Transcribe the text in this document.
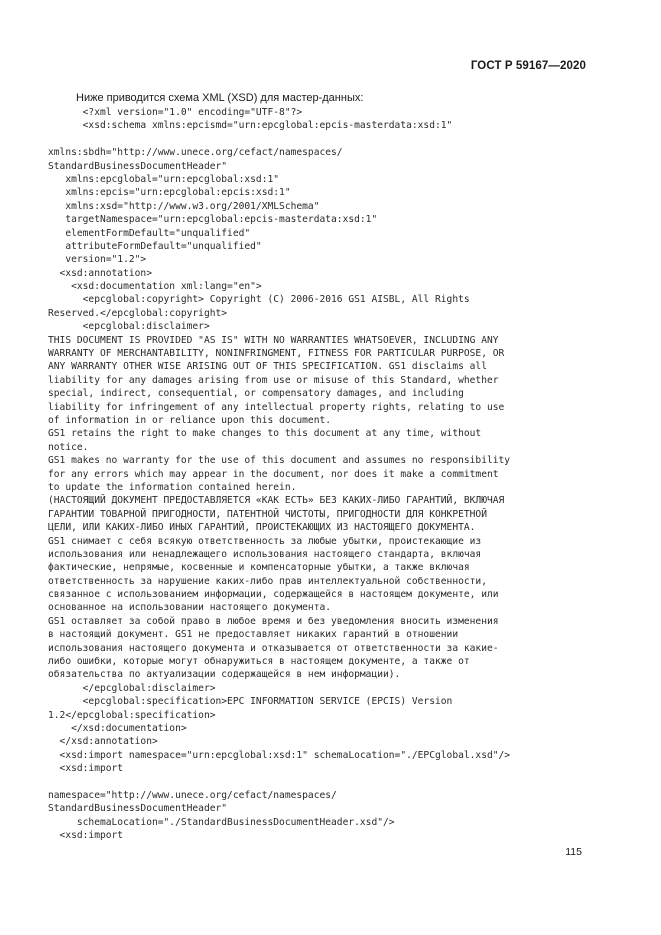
ГОСТ Р 59167—2020
Ниже приводится схема XML (XSD) для мастер-данных:
<?xml version="1.0" encoding="UTF-8"?>
<xsd:schema xmlns:epcismd="urn:epcglobal:epcis-masterdata:xsd:1"
xmlns:sbdh="http://www.unece.org/cefact/namespaces/
StandardBusinessDocumentHeader"
xmlns:epcglobal="urn:epcglobal:xsd:1"
xmlns:epcis="urn:epcglobal:epcis:xsd:1"
xmlns:xsd="http://www.w3.org/2001/XMLSchema"
targetNamespace="urn:epcglobal:epcis-masterdata:xsd:1"
elementFormDefault="unqualified"
attributeFormDefault="unqualified"
version="1.2">
<xsd:annotation>
<xsd:documentation xml:lang="en">
<epcglobal:copyright> Copyright (C) 2006-2016 GS1 AISBL, All Rights
Reserved.</epcglobal:copyright>
<epcglobal:disclaimer>
THIS DOCUMENT IS PROVIDED "AS IS" WITH NO WARRANTIES WHATSOEVER, INCLUDING ANY
WARRANTY OF MERCHANTABILITY, NONINFRINGMENT, FITNESS FOR PARTICULAR PURPOSE, OR
ANY WARRANTY OTHER WISE ARISING OUT OF THIS SPECIFICATION. GS1 disclaims all
liability for any damages arising from use or misuse of this Standard, whether
special, indirect, consequential, or compensatory damages, and including
liability for infringement of any intellectual property rights, relating to use
of information in or reliance upon this document.
GS1 retains the right to make changes to this document at any time, without
notice.
GS1 makes no warranty for the use of this document and assumes no responsibility
for any errors which may appear in the document, nor does it make a commitment
to update the information contained herein.
(НАСТОЯЩИЙ ДОКУМЕНТ ПРЕДОСТАВЛЯЕТСЯ «КАК ЕСТЬ» БЕЗ КАКИХ-ЛИБО ГАРАНТИЙ, ВКЛЮЧАЯ
ГАРАНТИИ ТОВАРНОЙ ПРИГОДНОСТИ, ПАТЕНТНОЙ ЧИСТОТЫ, ПРИГОДНОСТИ ДЛЯ КОНКРЕТНОЙ
ЦЕЛИ, ИЛИ КАКИХ-ЛИБО ИНЫХ ГАРАНТИЙ, ПРОИСТЕКАЮЩИХ ИЗ НАСТОЯЩЕГО ДОКУМЕНТА.
GS1 снимает с себя всякую ответственность за любые убытки, проистекающие из
использования или ненадлежащего использования настоящего стандарта, включая
фактические, непрямые, косвенные и компенсаторные убытки, а также включая
ответственность за нарушение каких-либо прав интеллектуальной собственности,
связанное с использованием информации, содержащейся в настоящем документе, или
основанное на использовании настоящего документа.
GS1 оставляет за собой право в любое время и без уведомления вносить изменения
в настоящий документ. GS1 не предоставляет никаких гарантий в отношении
использования настоящего документа и отказывается от ответственности за какие-
либо ошибки, которые могут обнаружиться в настоящем документе, а также от
обязательства по актуализации содержащейся в нем информации).
</epcglobal:disclaimer>
<epcglobal:specification>EPC INFORMATION SERVICE (EPCIS) Version
1.2</epcglobal:specification>
</xsd:documentation>
</xsd:annotation>
<xsd:import namespace="urn:epcglobal:xsd:1" schemaLocation="./EPCglobal.xsd"/>
<xsd:import
namespace="http://www.unece.org/cefact/namespaces/
StandardBusinessDocumentHeader"
schemaLocation="./StandardBusinessDocumentHeader.xsd"/>
<xsd:import
115
